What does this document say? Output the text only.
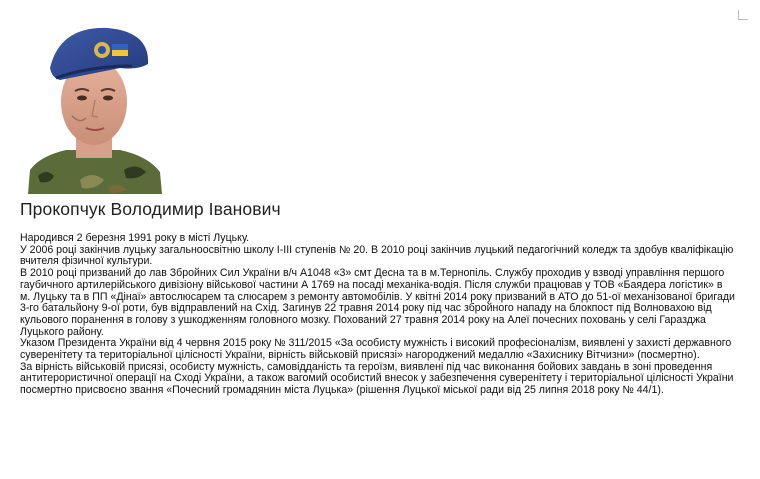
Прокопчук Володимир Іванович

Народився 2 березня 1991 року в місті Луцьку.

У 2006 році закінчив луцьку загальноосвітню школу І-ІІІ ступенів № 20. В 2010 році закінчив луцький педагогічний коледж та здобув кваліфікацію вчителя фізичної культури.

В 2010 році призваний до лав Збройних Сил України в/ч А1048 «3» смт Десна та в м.Тернопіль. Службу проходив у взводі управління першого гаубичного артилерійського дивізіону військової частини А 1769 на посаді механіка-водія. Після служби працював у ТОВ «Баядера логістик» в м. Луцьку та в ПП «Дінаї» автослюсарем та слюсарем з ремонту автомобілів. У квітні 2014 року призваний в АТО до 51-ої механізованої бригади 3-го батальйону 9-ої роти, був відправлений на Схід. Загинув 22 травня 2014 року під час збройного нападу на блокпост під Волновахою від кульового поранення в голову з ушкодженням головного мозку. Похований 27 травня 2014 року на Алеї почесних поховань у селі Гаразджа Луцького району.

Указом Президента України від 4 червня 2015 року № 311/2015 «За особисту мужність і високий професіоналізм, виявлені у захисті державного суверенітету та територіальної цілісності України, вірність військовій присязі» нагороджений медаллю «Захиснику Вітчизни» (посмертно).

За вірність військовій присязі, особисту мужність, самовідданість та героїзм, виявлені під час виконання бойових завдань в зоні проведення антитерористичної операції на Сході України, а також вагомий особистий внесок у забезпечення суверенітету і територіальної цілісності України посмертно присвоєно звання «Почесний громадянин міста Луцька» (рішення Луцької міської ради від 25 липня 2018 року № 44/1).
